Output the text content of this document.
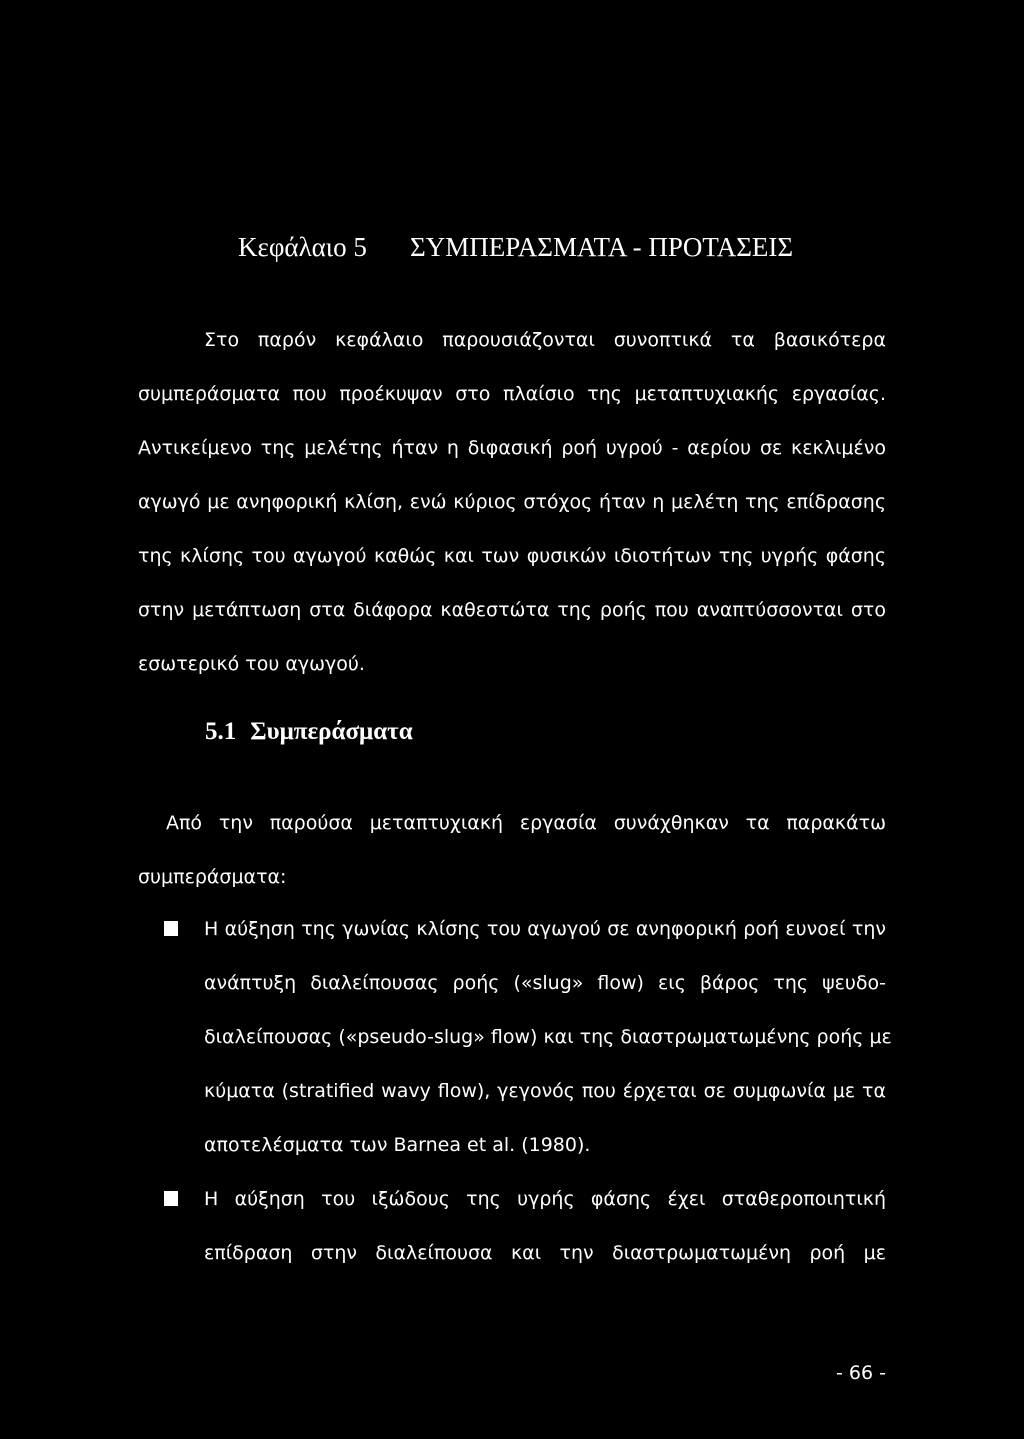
Κεφάλαιο 5 ΣΥΜΠΕΡΑΣΜΑΤΑ - ΠΡΟΤΑΣΕΙΣ
Στο παρόν κεφάλαιο παρουσιάζονται συνοπτικά τα βασικότερα
συμπεράσματα που προέκυψαν στο πλαίσιο της μεταπτυχιακής εργασίας.
Αντικείμενο της μελέτης ήταν η διφασική ροή υγρού - αερίου σε κεκλιμένο
αγωγό με ανηφορική κλίση, ενώ κύριος στόχος ήταν η μελέτη της επίδρασης
της κλίσης του αγωγού καθώς και των φυσικών ιδιοτήτων της υγρής φάσης
στην μετάπτωση στα διάφορα καθεστώτα της ροής που αναπτύσσονται στο
εσωτερικό του αγωγού.
5.1 Συμπεράσματα
Από την παρούσα μεταπτυχιακή εργασία συνάχθηκαν τα παρακάτω
συμπεράσματα:
Η αύξηση της γωνίας κλίσης του αγωγού σε ανηφορική ροή ευνοεί την
ανάπτυξη διαλείπουσας ροής («slug» flow) εις βάρος της ψευδο-
διαλείπουσας («pseudo-slug» flow) και της διαστρωματωμένης ροής με
κύματα (stratified wavy flow), γεγονός που έρχεται σε συμφωνία με τα
αποτελέσματα των Barnea et al. (1980).
Η αύξηση του ιξώδους της υγρής φάσης έχει σταθεροποιητική
επίδραση στην διαλείπουσα και την διαστρωματωμένη ροή με
- 66 -
